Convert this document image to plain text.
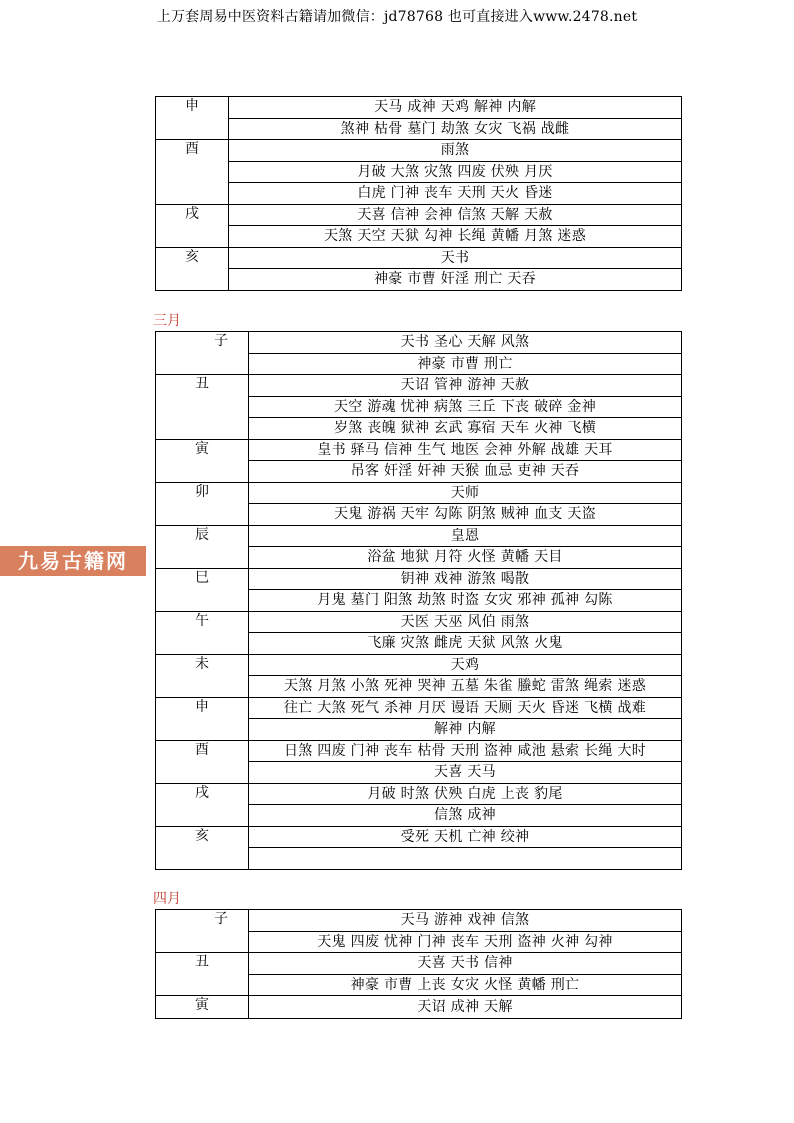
上万套周易中医资料古籍请加微信：jd78768 也可直接进入www.2478.net
九易古籍网
申	天马 成神 天鸡 解神 内解
	煞神 枯骨 墓门 劫煞 女灾 飞祸 战雌
酉	雨煞
	月破 大煞 灾煞 四废 伏殃 月厌
	白虎 门神 丧车 天刑 天火 昏迷
戌	天喜 信神 会神 信煞 天解 天赦
	天煞 天空 天狱 勾神 长绳 黄幡 月煞 迷惑
亥	天书
	神豪 市曹 奸淫 刑亡 天吞
三月
子	天书 圣心 天解 风煞
	神豪 市曹 刑亡
丑	天诏 管神 游神 天赦
	天空 游魂 忧神 病煞 三丘 下丧 破碎 金神
	岁煞 丧魄 狱神 玄武 寡宿 天车 火神 飞横
寅	皇书 驿马 信神 生气 地医 会神 外解 战雄 天耳
	吊客 奸淫 奸神 天猴 血忌 吏神 天吞
卯	天师
	天鬼 游祸 天牢 勾陈 阴煞 贼神 血支 天盗
辰	皇恩
	浴盆 地狱 月符 火怪 黄幡 天目
巳	钥神 戏神 游煞 喝散
	月鬼 墓门 阳煞 劫煞 时盗 女灾 邪神 孤神 勾陈
午	天医 天巫 风伯 雨煞
	飞廉 灾煞 雌虎 天狱 风煞 火鬼
未	天鸡
	天煞 月煞 小煞 死神 哭神 五墓 朱雀 螣蛇 雷煞 绳索 迷惑
申	往亡 大煞 死气 杀神 月厌 谩语 天厕 天火 昏迷 飞横 战难
	解神 内解
酉	日煞 四废 门神 丧车 枯骨 天刑 盗神 咸池 悬索 长绳 大时
	天喜 天马
戌	月破 时煞 伏殃 白虎 上丧 豹尾
	信煞 成神
亥	受死 天机 亡神 绞神

四月
子	天马 游神 戏神 信煞
	天鬼 四废 忧神 门神 丧车 天刑 盗神 火神 勾神
丑	天喜 天书 信神
	神豪 市曹 上丧 女灾 火怪 黄幡 刑亡
寅	天诏 成神 天解
